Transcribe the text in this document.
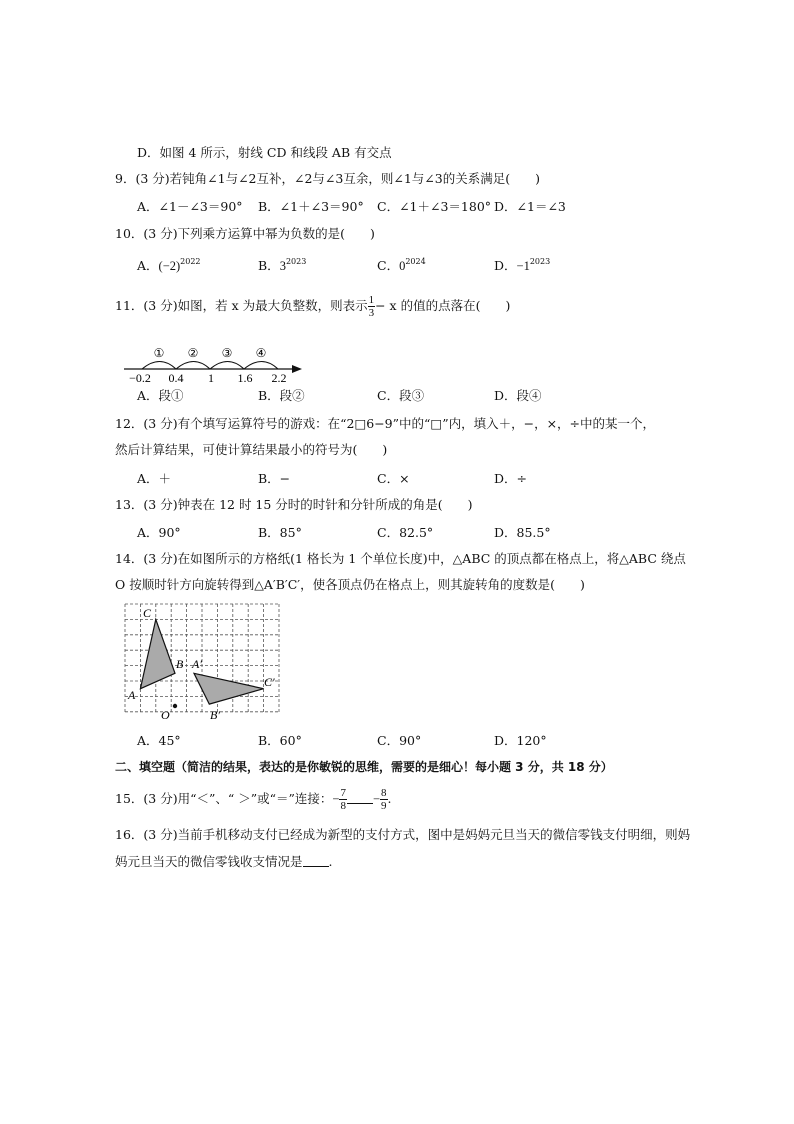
D．如图 4 所示，射线 CD 和线段 AB 有交点
9．(3 分)若钝角∠1与∠2互补，∠2与∠3互余，则∠1与∠3的关系满足(　　)
A．∠1－∠3＝90° B．∠1＋∠3＝90° C．∠1＋∠3＝180° D．∠1＝∠3
10．(3 分)下列乘方运算中幂为负数的是(　　)
A．$(-2)^{2022}$	B．$3^{2023}$	C．$0^{2024}$	D．$-1^{2023}$
11．(3 分)如图，若 x 为最大负整数，则表示 $\frac{1}{3} - x$ 的值的点落在(　　)
① ② ③ ④
−0.2 0.4 1 1.6 2.2
A．段①	B．段②	C．段③	D．段④
12．(3 分)有个填写运算符号的游戏：在“2□6−9”中的“□”内，填入＋，−，×，÷中的某一个，
然后计算结果，可使计算结果最小的符号为(　　)
A．＋	B．−	C．×	D．÷
13．(3 分)钟表在 12 时 15 分时的时针和分针所成的角是(　　)
A．90°	B．85°	C．82.5°	D．85.5°
14．(3 分)在如图所示的方格纸(1 格长为 1 个单位长度)中，△ABC 的顶点都在格点上，将△ABC 绕点
O 按顺时针方向旋转得到△A′B′C′，使各顶点仍在格点上，则其旋转角的度数是(　　)
C
B
A
A′
C′
B′
O
A．45°	B．60°	C．90°	D．120°
二、填空题（简洁的结果，表达的是你敏锐的思维，需要的是细心！每小题 3 分，共 18 分）
15．(3 分)用“＜”、“ ＞”或“＝”连接：− $\frac{7}{8} - \frac{8}{9}$ .
16．(3 分)当前手机移动支付已经成为新型的支付方式，图中是妈妈元旦当天的微信零钱支付明细，则妈
妈元旦当天的微信零钱收支情况是 .
